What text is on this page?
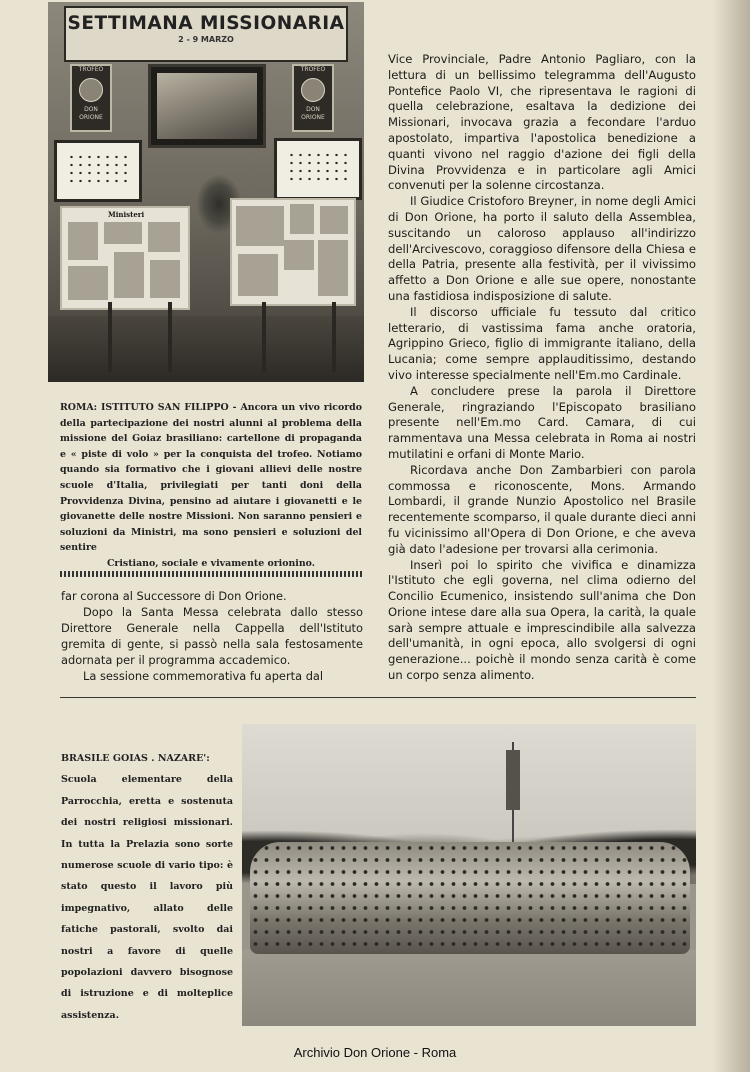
SETTIMANA MISSIONARIA
2 - 9 MARZO
TROFEO
DON ORIONE
TROFEO
DON ORIONE
Ministeri

ROMA: ISTITUTO SAN FILIPPO - Ancora un vivo ricordo della partecipazione dei nostri alunni al problema della missione del Goiaz brasiliano: cartellone di propaganda e « piste di volo » per la conquista del trofeo. Notiamo quando sia formativo che i giovani allievi delle nostre scuole d'Italia, privilegiati per tanti doni della Provvidenza Divina, pensino ad aiutare i giovanetti e le giovanette delle nostre Missioni. Non saranno pensieri e soluzioni da Ministri, ma sono pensieri e soluzioni del sentire

Cristiano, sociale e vivamente orionino.

far corona al Successore di Don Orione.

Dopo la Santa Messa celebrata dallo stesso Direttore Generale nella Cappella dell'Istituto gremita di gente, si passò nella sala festosamente adornata per il programma accademico.

La sessione commemorativa fu aperta dal

Vice Provinciale, Padre Antonio Pagliaro, con la lettura di un bellissimo telegramma dell'Augusto Pontefice Paolo VI, che ripresentava le ragioni di quella celebrazione, esaltava la dedizione dei Missionari, invocava grazia a fecondare l'arduo apostolato, impartiva l'apostolica benedizione a quanti vivono nel raggio d'azione dei figli della Divina Provvidenza e in particolare agli Amici convenuti per la solenne circostanza.

Il Giudice Cristoforo Breyner, in nome degli Amici di Don Orione, ha porto il saluto della Assemblea, suscitando un caloroso applauso all'indirizzo dell'Arcivescovo, coraggioso difensore della Chiesa e della Patria, presente alla festività, per il vivissimo affetto a Don Orione e alle sue opere, nonostante una fastidiosa indisposizione di salute.

Il discorso ufficiale fu tessuto dal critico letterario, di vastissima fama anche oratoria, Agrippino Grieco, figlio di immigrante italiano, della Lucania; come sempre applauditissimo, destando vivo interesse specialmente nell'Em.mo Cardinale.

A concludere prese la parola il Direttore Generale, ringraziando l'Episcopato brasiliano presente nell'Em.mo Card. Camara, di cui rammentava una Messa celebrata in Roma ai nostri mutilatini e orfani di Monte Mario.

Ricordava anche Don Zambarbieri con parola commossa e riconoscente, Mons. Armando Lombardi, il grande Nunzio Apostolico nel Brasile recentemente scomparso, il quale durante dieci anni fu vicinissimo all'Opera di Don Orione, e che aveva già dato l'adesione per trovarsi alla cerimonia.

Inserì poi lo spirito che vivifica e dinamizza l'Istituto che egli governa, nel clima odierno del Concilio Ecumenico, insistendo sull'anima che Don Orione intese dare alla sua Opera, la carità, la quale sarà sempre attuale e imprescindibile alla salvezza dell'umanità, in ogni epoca, allo svolgersi di ogni generazione... poichè il mondo senza carità è come un corpo senza alimento.

BRASILE GOIAS . NAZARE':

Scuola elementare della Parrocchia, eretta e sostenuta dei nostri religiosi missionari. In tutta la Prelazia sono sorte numerose scuole di vario tipo: è stato questo il lavoro più impegnativo, allato delle fatiche pastorali, svolto dai nostri a favore di quelle popolazioni davvero bisognose di istruzione e di molteplice assistenza.

Archivio Don Orione - Roma
